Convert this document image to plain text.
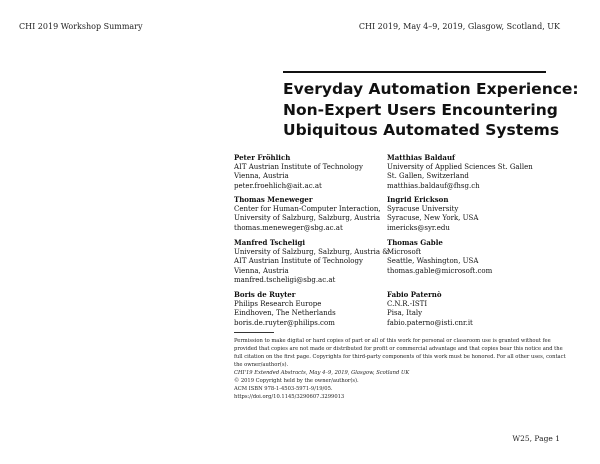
CHI 2019 Workshop Summary	CHI 2019, May 4–9, 2019, Glasgow, Scotland, UK
Everyday Automation Experience:
Non-Expert Users Encountering
Ubiquitous Automated Systems
Peter Fröhlich
AIT Austrian Institute of Technology
Vienna, Austria
peter.froehlich@ait.ac.at
Thomas Meneweger
Center for Human-Computer Interaction,
University of Salzburg, Salzburg, Austria
thomas.meneweger@sbg.ac.at
Manfred Tscheligi
University of Salzburg, Salzburg, Austria &
AIT Austrian Institute of Technology
Vienna, Austria
manfred.tscheligi@sbg.ac.at
Boris de Ruyter
Philips Research Europe
Eindhoven, The Netherlands
boris.de.ruyter@philips.com
Matthias Baldauf
University of Applied Sciences St. Gallen
St. Gallen, Switzerland
matthias.baldauf@fhsg.ch
Ingrid Erickson
Syracuse University
Syracuse, New York, USA
imericks@syr.edu
Thomas Gable
Microsoft
Seattle, Washington, USA
thomas.gable@microsoft.com
Fabio Paternò
C.N.R.-ISTI
Pisa, Italy
fabio.paterno@isti.cnr.it
Permission to make digital or hard copies of part or all of this work for personal or classroom use is granted without fee
provided that copies are not made or distributed for profit or commercial advantage and that copies bear this notice and the
full citation on the first page. Copyrights for third-party components of this work must be honored. For all other uses, contact
the owner/author(s).
CHI'19 Extended Abstracts, May 4–9, 2019, Glasgow, Scotland UK
© 2019 Copyright held by the owner/author(s).
ACM ISBN 978-1-4503-5971-9/19/05.
https://doi.org/10.1145/3290607.3299013
W25, Page 1
